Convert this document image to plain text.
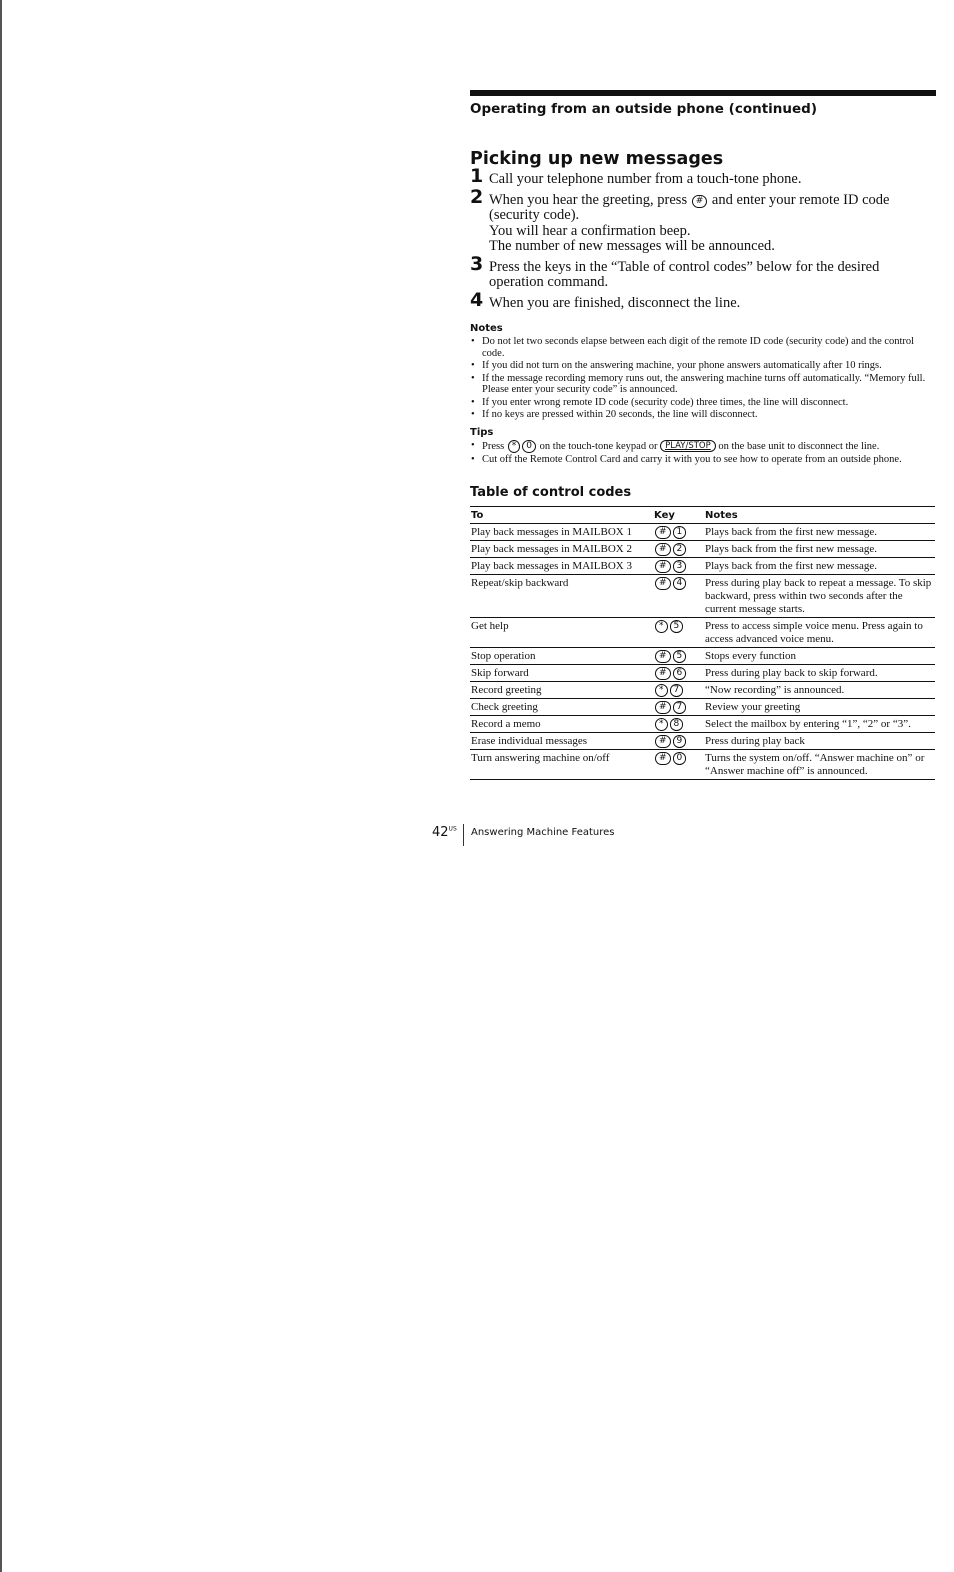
Operating from an outside phone (continued)
Picking up new messages
1 Call your telephone number from a touch-tone phone.
2 When you hear the greeting, press # and enter your remote ID code (security code).
You will hear a confirmation beep.
The number of new messages will be announced.
3 Press the keys in the “Table of control codes” below for the desired operation command.
4 When you are finished, disconnect the line.
Notes
• Do not let two seconds elapse between each digit of the remote ID code (security code) and the control code.
• If you did not turn on the answering machine, your phone answers automatically after 10 rings.
• If the message recording memory runs out, the answering machine turns off automatically. “Memory full. Please enter your security code” is announced.
• If you enter wrong remote ID code (security code) three times, the line will disconnect.
• If no keys are pressed within 20 seconds, the line will disconnect.
Tips
• Press * 0 on the touch-tone keypad or PLAY/STOP on the base unit to disconnect the line.
• Cut off the Remote Control Card and carry it with you to see how to operate from an outside phone.
Table of control codes
To	Key	Notes
Play back messages in MAILBOX 1	# 1	Plays back from the first new message.
Play back messages in MAILBOX 2	# 2	Plays back from the first new message.
Play back messages in MAILBOX 3	# 3	Plays back from the first new message.
Repeat/skip backward	# 4	Press during play back to repeat a message. To skip backward, press within two seconds after the current message starts.
Get help	* 5	Press to access simple voice menu. Press again to access advanced voice menu.
Stop operation	# 5	Stops every function
Skip forward	# 6	Press during play back to skip forward.
Record greeting	* 7	“Now recording” is announced.
Check greeting	# 7	Review your greeting
Record a memo	* 8	Select the mailbox by entering “1”, “2” or “3”.
Erase individual messages	# 9	Press during play back
Turn answering machine on/off	# 0	Turns the system on/off. “Answer machine on” or “Answer machine off” is announced.
$42^{US}$ Answering Machine Features
